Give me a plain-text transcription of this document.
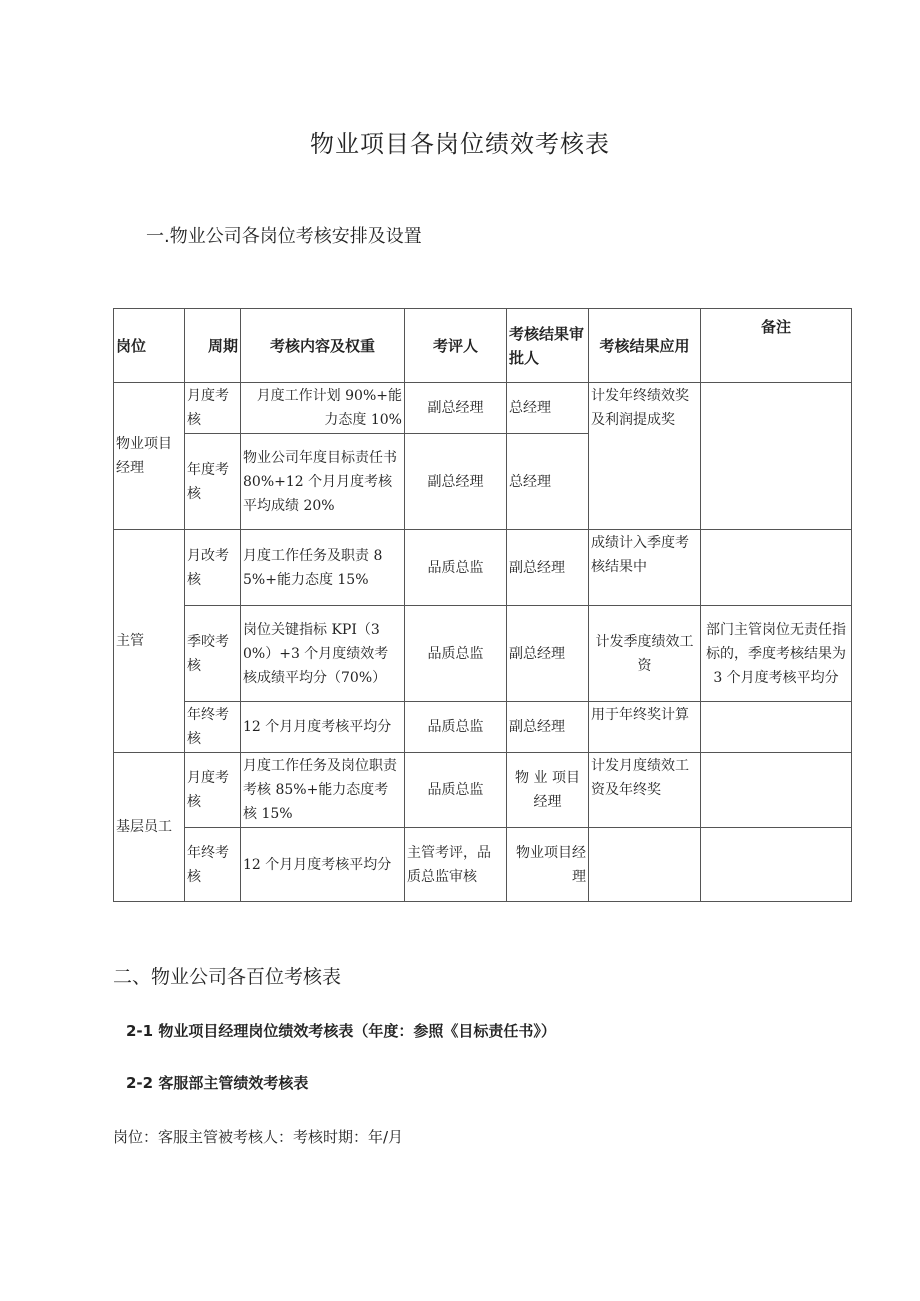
物业项目各岗位绩效考核表
一.物业公司各岗位考核安排及设置
岗位	周期	考核内容及权重	考评人	考核结果审批人	考核结果应用	备注
物业项目经理	月度考核	月度工作计划 90%+能力态度 10%	副总经理	总经理	计发年终绩效奖及利润提成奖	
	年度考核	物业公司年度目标责任书 80%+12 个月月度考核平均成绩 20%	副总经理	总经理		
主管	月改考核	月度工作任务及职责 85%+能力态度 15%	品质总监	副总经理	成绩计入季度考核结果中	
	季咬考核	岗位关键指标 KPI（30%）+3 个月度绩效考核成绩平均分（70%）	品质总监	副总经理	计发季度绩效工资	部门主管岗位无责任指标的，季度考核结果为 3 个月度考核平均分
	年终考核	12 个月月度考核平均分	品质总监	副总经理	用于年终奖计算	
基层员工	月度考核	月度工作任务及岗位职责考核 85%+能力态度考核 15%	品质总监	物 业 项目经理	计发月度绩效工资及年终奖	
	年终考核	12 个月月度考核平均分	主管考评，品质总监审核	物业项目经理		
二、物业公司各百位考核表
2-1 物业项目经理岗位绩效考核表（年度：参照《目标责任书》）
2-2 客服部主管绩效考核表
岗位：客服主管被考核人：考核时期：年/月
